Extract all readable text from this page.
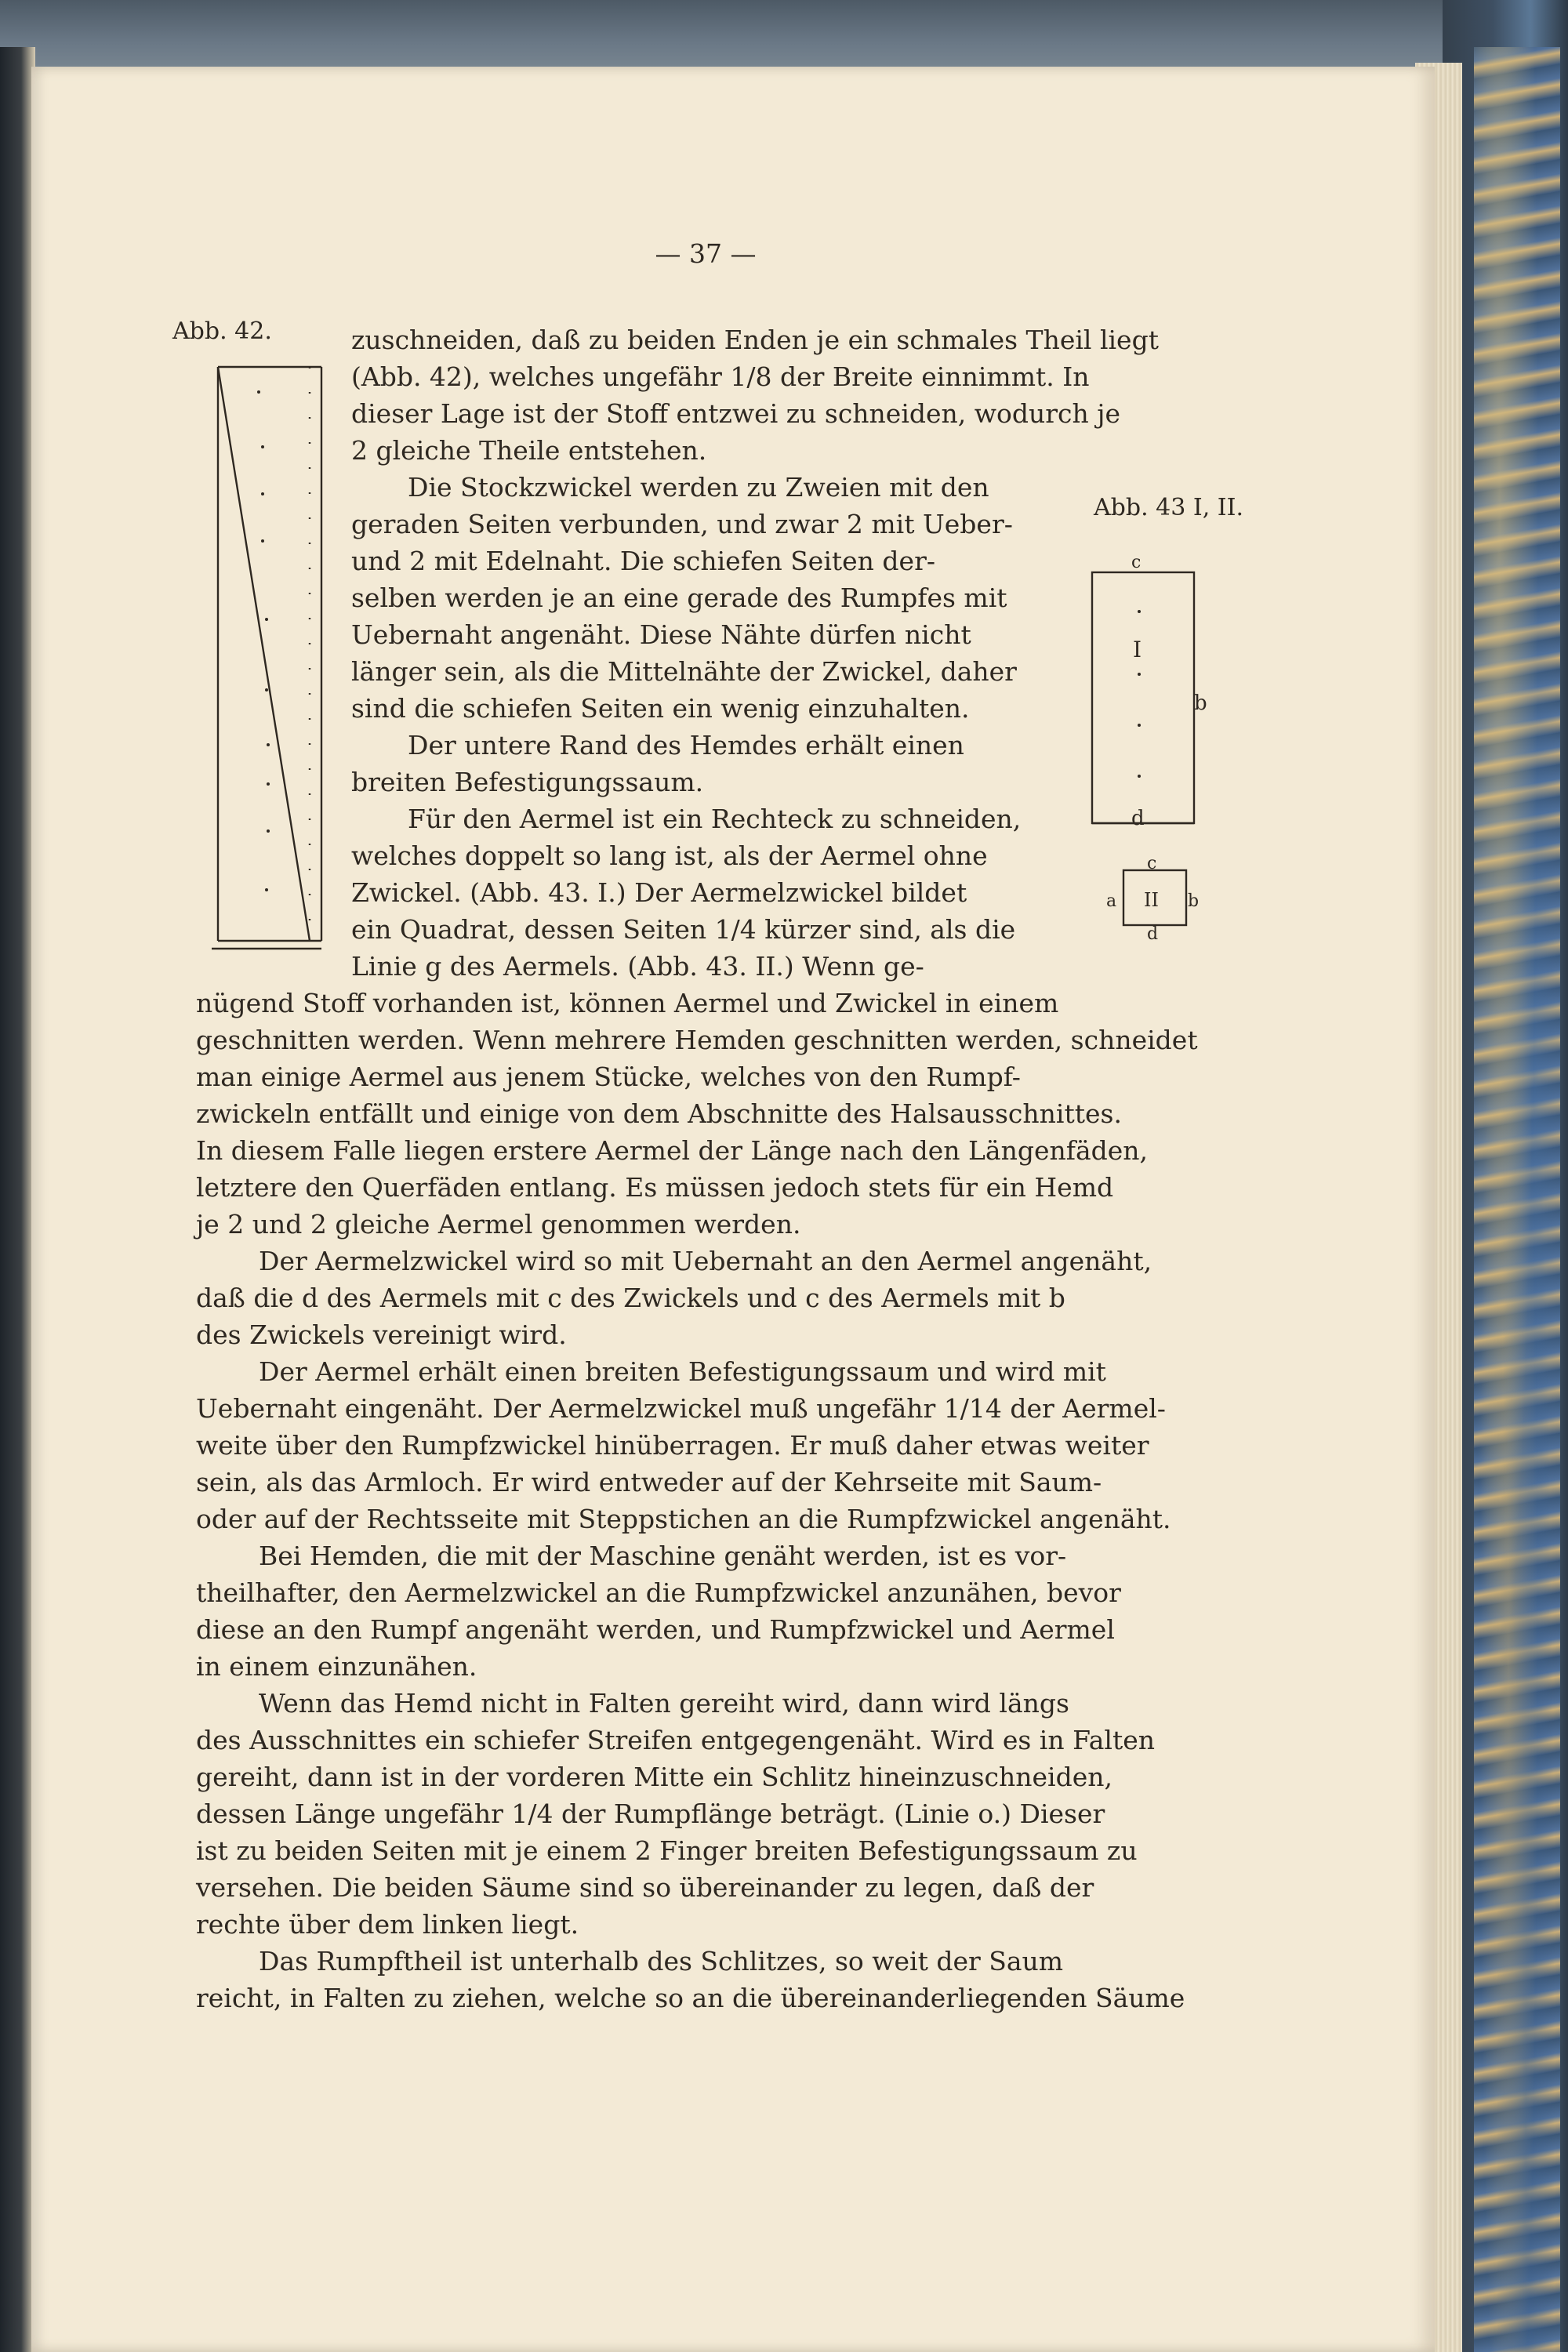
— 37 —
Abb. 42.
Abb. 43 I, II.
c
I
b
d
c
II
a	b
d
zuschneiden, daß zu beiden Enden je ein schmales Theil liegt
(Abb. 42), welches ungefähr 1/8 der Breite einnimmt. In
dieser Lage ist der Stoff entzwei zu schneiden, wodurch je
2 gleiche Theile entstehen.
Die Stockzwickel werden zu Zweien mit den
geraden Seiten verbunden, und zwar 2 mit Ueber-
und 2 mit Edelnaht. Die schiefen Seiten der-
selben werden je an eine gerade des Rumpfes mit
Uebernaht angenäht. Diese Nähte dürfen nicht
länger sein, als die Mittelnähte der Zwickel, daher
sind die schiefen Seiten ein wenig einzuhalten.
Der untere Rand des Hemdes erhält einen
breiten Befestigungssaum.
Für den Aermel ist ein Rechteck zu schneiden,
welches doppelt so lang ist, als der Aermel ohne
Zwickel. (Abb. 43. I.) Der Aermelzwickel bildet
ein Quadrat, dessen Seiten 1/4 kürzer sind, als die
Linie g des Aermels. (Abb. 43. II.) Wenn ge-
nügend Stoff vorhanden ist, können Aermel und Zwickel in einem
geschnitten werden. Wenn mehrere Hemden geschnitten werden, schneidet
man einige Aermel aus jenem Stücke, welches von den Rumpf-
zwickeln entfällt und einige von dem Abschnitte des Halsausschnittes.
In diesem Falle liegen erstere Aermel der Länge nach den Längenfäden,
letztere den Querfäden entlang. Es müssen jedoch stets für ein Hemd
je 2 und 2 gleiche Aermel genommen werden.
Der Aermelzwickel wird so mit Uebernaht an den Aermel angenäht,
daß die d des Aermels mit c des Zwickels und c des Aermels mit b
des Zwickels vereinigt wird.
Der Aermel erhält einen breiten Befestigungssaum und wird mit
Uebernaht eingenäht. Der Aermelzwickel muß ungefähr 1/14 der Aermel-
weite über den Rumpfzwickel hinüberragen. Er muß daher etwas weiter
sein, als das Armloch. Er wird entweder auf der Kehrseite mit Saum-
oder auf der Rechtsseite mit Steppstichen an die Rumpfzwickel angenäht.
Bei Hemden, die mit der Maschine genäht werden, ist es vor-
theilhafter, den Aermelzwickel an die Rumpfzwickel anzunähen, bevor
diese an den Rumpf angenäht werden, und Rumpfzwickel und Aermel
in einem einzunähen.
Wenn das Hemd nicht in Falten gereiht wird, dann wird längs
des Ausschnittes ein schiefer Streifen entgegengenäht. Wird es in Falten
gereiht, dann ist in der vorderen Mitte ein Schlitz hineinzuschneiden,
dessen Länge ungefähr 1/4 der Rumpflänge beträgt. (Linie o.) Dieser
ist zu beiden Seiten mit je einem 2 Finger breiten Befestigungssaum zu
versehen. Die beiden Säume sind so übereinander zu legen, daß der
rechte über dem linken liegt.
Das Rumpftheil ist unterhalb des Schlitzes, so weit der Saum
reicht, in Falten zu ziehen, welche so an die übereinanderliegenden Säume
